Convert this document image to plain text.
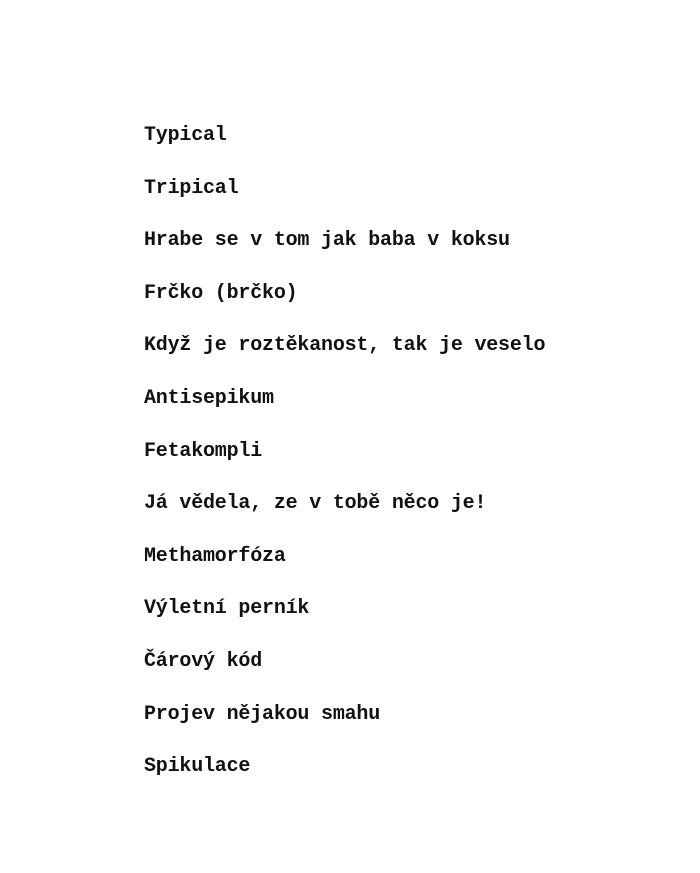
Typical
Tripical
Hrabe se v tom jak baba v koksu
Frčko (brčko)
Když je roztěkanost, tak je veselo
Antisepikum
Fetakompli
Já vědela, ze v tobě něco je!
Methamorfóza
Výletní perník
Čárový kód
Projev nějakou smahu
Spikulace
